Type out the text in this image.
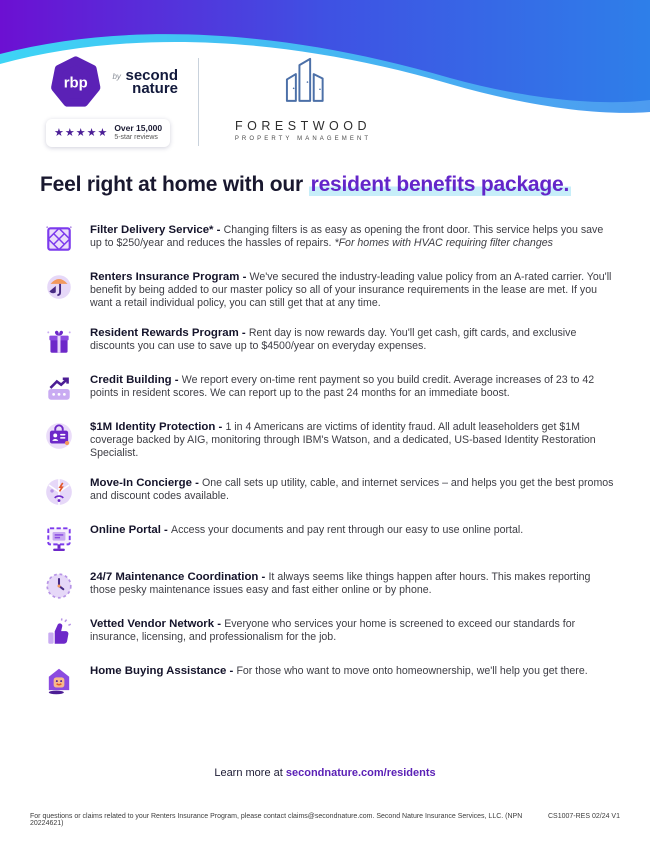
rbp	by second
nature
★★★★★ Over 15,000
5-star reviews
FORESTWOOD
PROPERTY MANAGEMENT
Feel right at home with our resident benefits package.

Filter Delivery Service* - Changing filters is as easy as opening the front door. This service helps you save up to $250/year and reduces the hassles of repairs. *For homes with HVAC requiring filter changes

Renters Insurance Program - We've secured the industry-leading value policy from an A-rated carrier. You'll benefit by being added to our master policy so all of your insurance requirements in the lease are met. If you want a retail individual policy, you can still get that at any time.

Resident Rewards Program - Rent day is now rewards day. You'll get cash, gift cards, and exclusive discounts you can use to save up to $4500/year on everyday expenses.

Credit Building - We report every on-time rent payment so you build credit. Average increases of 23 to 42 points in resident scores. We can report up to the past 24 months for an immediate boost.

$1M Identity Protection - 1 in 4 Americans are victims of identity fraud. All adult leaseholders get $1M coverage backed by AIG, monitoring through IBM's Watson, and a dedicated, US-based Identity Restoration Specialist.

Move-In Concierge - One call sets up utility, cable, and internet services – and helps you get the best promos and discount codes available.

Online Portal - Access your documents and pay rent through our easy to use online portal.

24/7 Maintenance Coordination - It always seems like things happen after hours. This makes reporting those pesky maintenance issues easy and fast either online or by phone.

Vetted Vendor Network - Everyone who services your home is screened to exceed our standards for insurance, licensing, and professionalism for the job.

Home Buying Assistance - For those who want to move onto homeownership, we'll help you get there.

Learn more at secondnature.com/residents
For questions or claims related to your Renters Insurance Program, please contact claims@secondnature.com. Second Nature Insurance Services, LLC. (NPN 20224621)
CS1007-RES 02/24 V1
